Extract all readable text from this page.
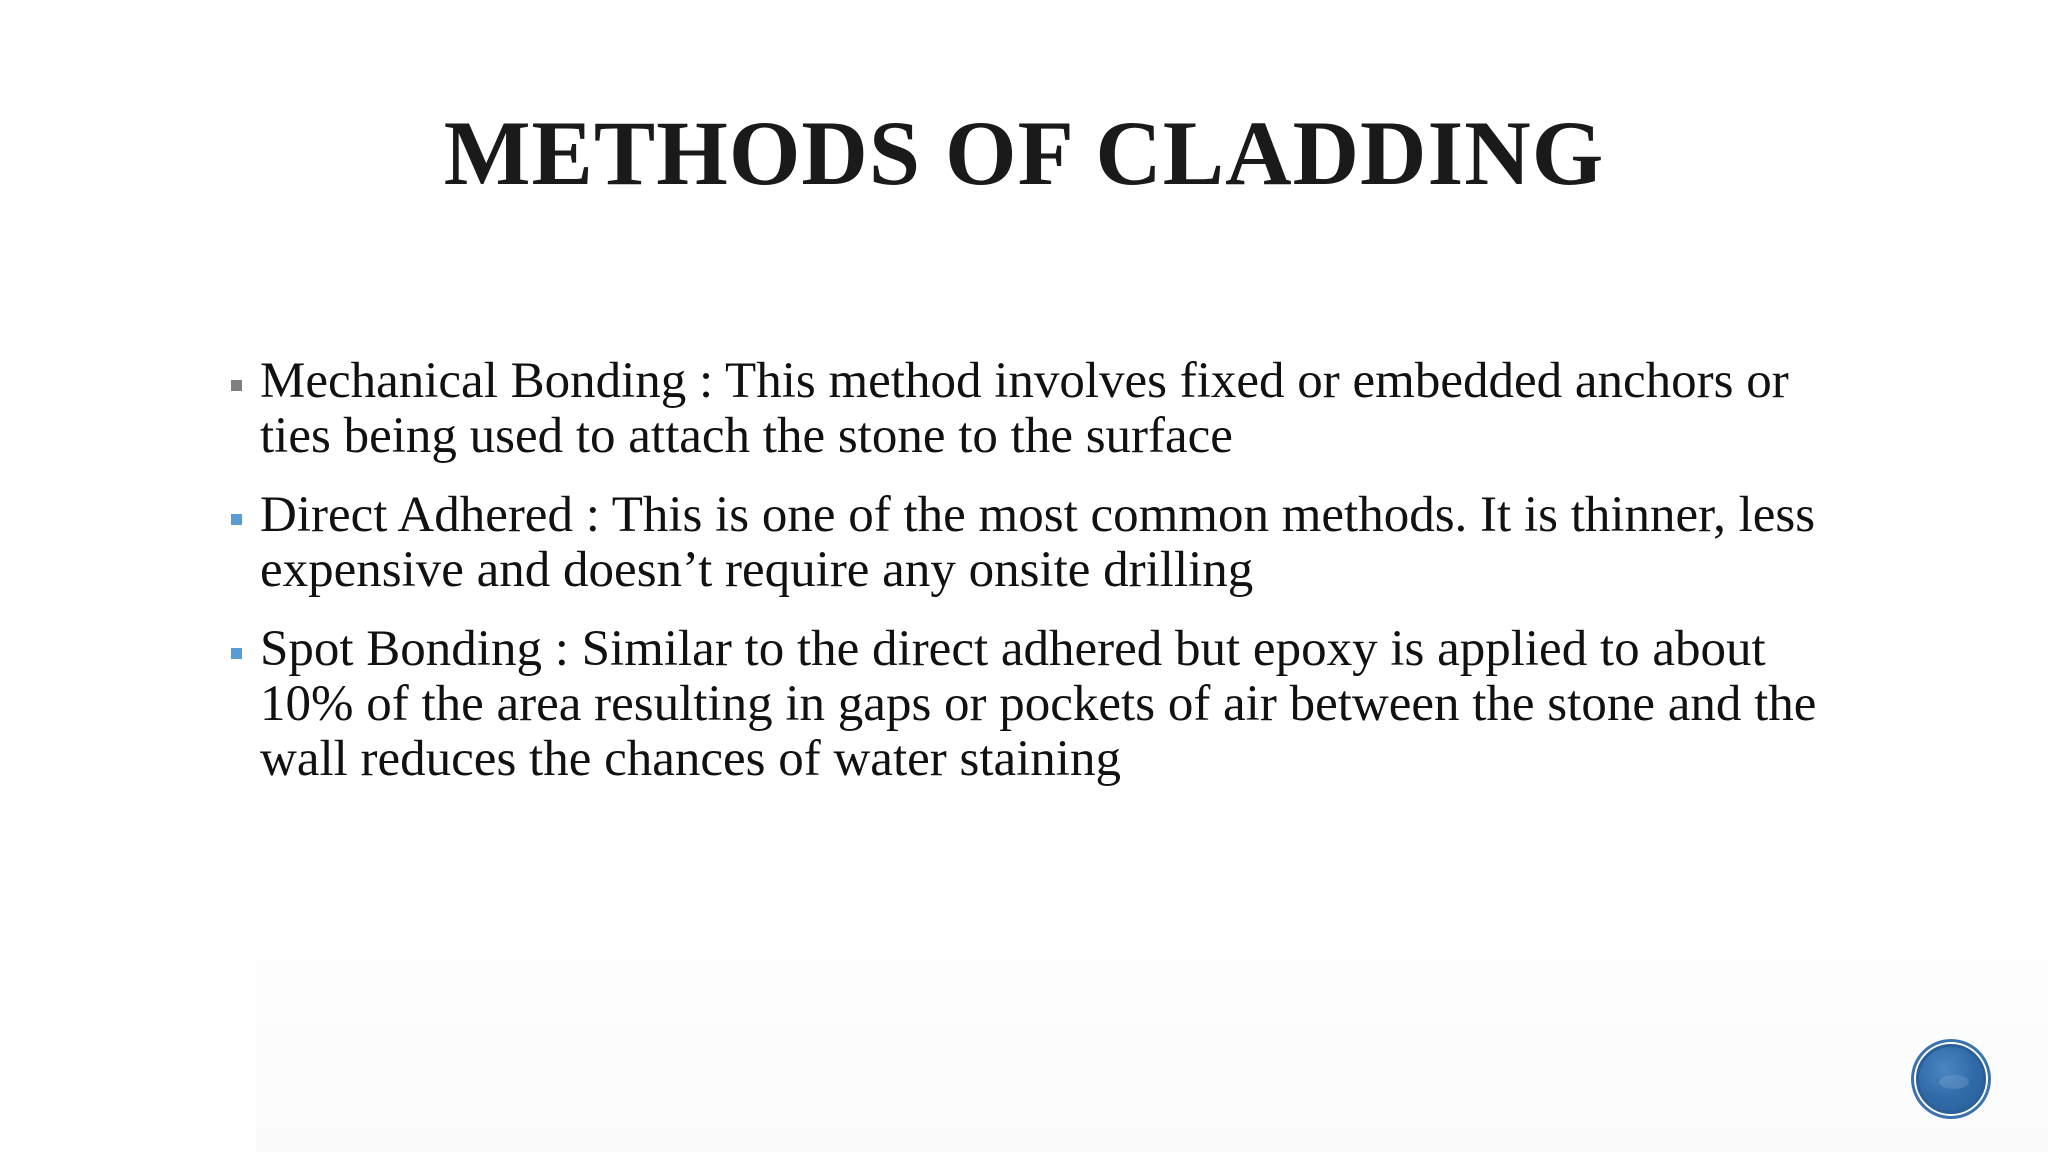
METHODS OF CLADDING
Mechanical Bonding : This method involves fixed or embedded anchors or ties being used to attach the stone to the surface
Direct Adhered : This is one of the most common methods. It is thinner, less expensive and doesn’t require any onsite drilling
Spot Bonding : Similar to the direct adhered but epoxy is applied to about 10% of the area resulting in gaps or pockets of air between the stone and the wall reduces the chances of water staining
